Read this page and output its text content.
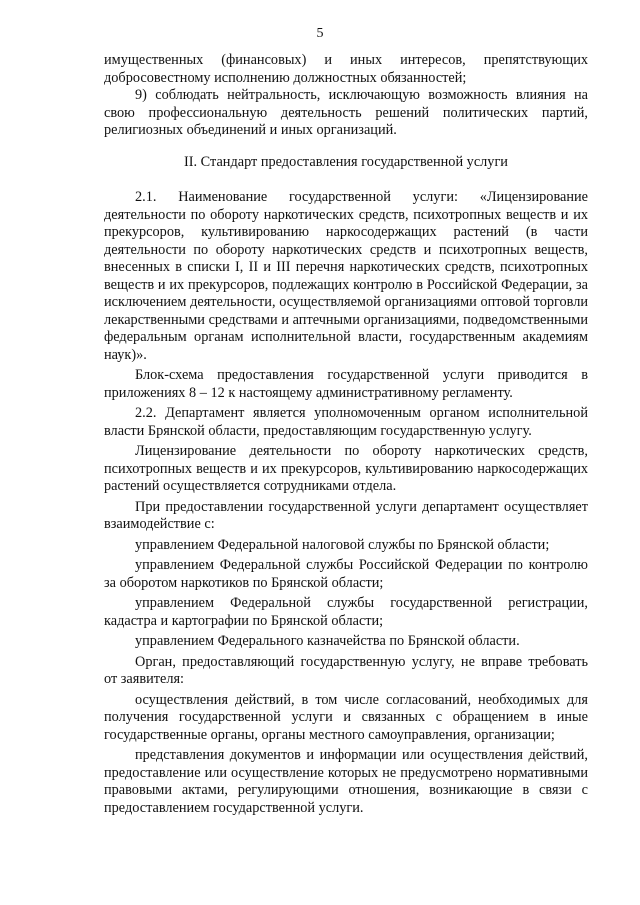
5

имущественных (финансовых) и иных интересов, препятствующих добросовестному исполнению должностных обязанностей;

9) соблюдать нейтральность, исключающую возможность влияния на свою профессиональную деятельность решений политических партий, религиозных объединений и иных организаций.

II. Стандарт предоставления государственной услуги

2.1. Наименование государственной услуги: «Лицензирование деятельности по обороту наркотических средств, психотропных веществ и их прекурсоров, культивированию наркосодержащих растений (в части деятельности по обороту наркотических средств и психотропных веществ, внесенных в списки I, II и III перечня наркотических средств, психотропных веществ и их прекурсоров, подлежащих контролю в Российской Федерации, за исключением деятельности, осуществляемой организациями оптовой торговли лекарственными средствами и аптечными организациями, подведомственными федеральным органам исполнительной власти, государственным академиям наук)».

Блок-схема предоставления государственной услуги приводится в приложениях 8 – 12 к настоящему административному регламенту.

2.2. Департамент является уполномоченным органом исполнительной власти Брянской области, предоставляющим государственную услугу.

Лицензирование деятельности по обороту наркотических средств, психотропных веществ и их прекурсоров, культивированию наркосодержащих растений осуществляется сотрудниками отдела.

При предоставлении государственной услуги департамент осуществляет взаимодействие с:

управлением Федеральной налоговой службы по Брянской области;

управлением Федеральной службы Российской Федерации по контролю за оборотом наркотиков по Брянской области;

управлением Федеральной службы государственной регистрации, кадастра и картографии по Брянской области;

управлением Федерального казначейства по Брянской области.

Орган, предоставляющий государственную услугу, не вправе требовать от заявителя:

осуществления действий, в том числе согласований, необходимых для получения государственной услуги и связанных с обращением в иные государственные органы, органы местного самоуправления, организации;

представления документов и информации или осуществления действий, предоставление или осуществление которых не предусмотрено нормативными правовыми актами, регулирующими отношения, возникающие в связи с предоставлением государственной услуги.
